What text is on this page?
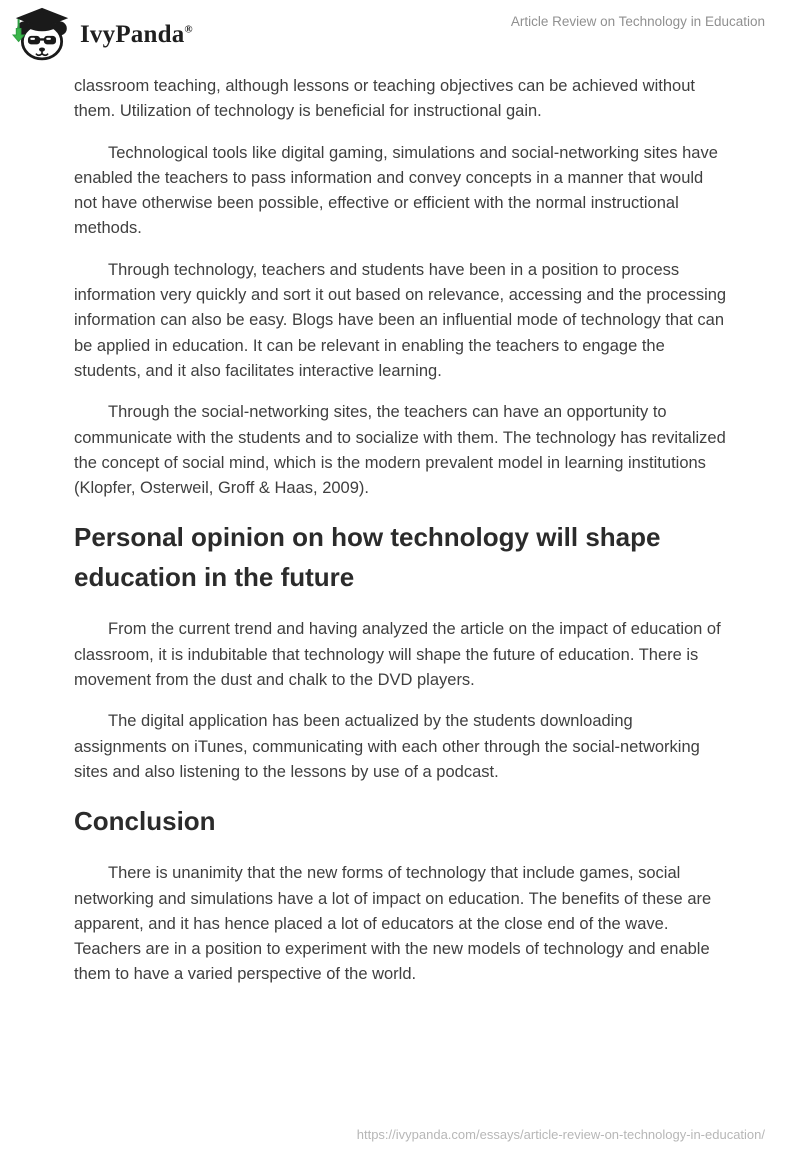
IvyPanda®
Article Review on Technology in Education

classroom teaching, although lessons or teaching objectives can be achieved without them. Utilization of technology is beneficial for instructional gain.

Technological tools like digital gaming, simulations and social-networking sites have enabled the teachers to pass information and convey concepts in a manner that would not have otherwise been possible, effective or efficient with the normal instructional methods.

Through technology, teachers and students have been in a position to process information very quickly and sort it out based on relevance, accessing and the processing information can also be easy. Blogs have been an influential mode of technology that can be applied in education. It can be relevant in enabling the teachers to engage the students, and it also facilitates interactive learning.

Through the social-networking sites, the teachers can have an opportunity to communicate with the students and to socialize with them. The technology has revitalized the concept of social mind, which is the modern prevalent model in learning institutions (Klopfer, Osterweil, Groff & Haas, 2009).

Personal opinion on how technology will shape education in the future

From the current trend and having analyzed the article on the impact of education of classroom, it is indubitable that technology will shape the future of education. There is movement from the dust and chalk to the DVD players.

The digital application has been actualized by the students downloading assignments on iTunes, communicating with each other through the social-networking sites and also listening to the lessons by use of a podcast.

Conclusion

There is unanimity that the new forms of technology that include games, social networking and simulations have a lot of impact on education. The benefits of these are apparent, and it has hence placed a lot of educators at the close end of the wave. Teachers are in a position to experiment with the new models of technology and enable them to have a varied perspective of the world.

https://ivypanda.com/essays/article-review-on-technology-in-education/
